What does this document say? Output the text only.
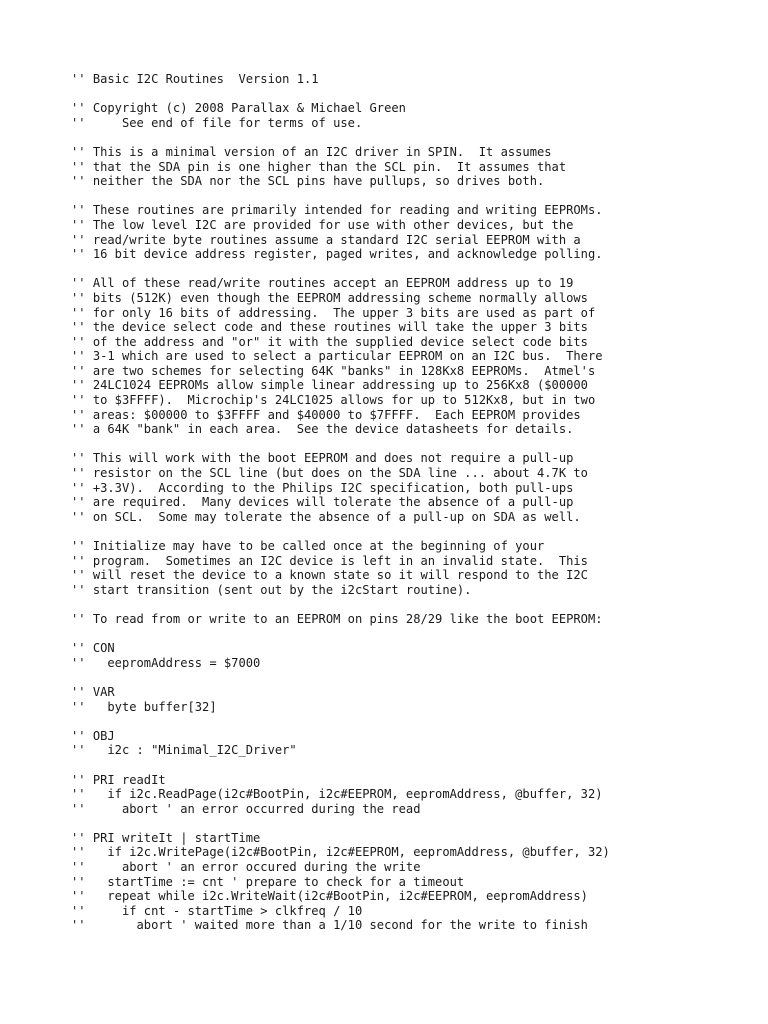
'' Basic I2C Routines  Version 1.1
'' Copyright (c) 2008 Parallax & Michael Green
''     See end of file for terms of use.
'' This is a minimal version of an I2C driver in SPIN.  It assumes
'' that the SDA pin is one higher than the SCL pin.  It assumes that
'' neither the SDA nor the SCL pins have pullups, so drives both.
'' These routines are primarily intended for reading and writing EEPROMs.
'' The low level I2C are provided for use with other devices, but the
'' read/write byte routines assume a standard I2C serial EEPROM with a
'' 16 bit device address register, paged writes, and acknowledge polling.
'' All of these read/write routines accept an EEPROM address up to 19
'' bits (512K) even though the EEPROM addressing scheme normally allows
'' for only 16 bits of addressing.  The upper 3 bits are used as part of
'' the device select code and these routines will take the upper 3 bits
'' of the address and "or" it with the supplied device select code bits
'' 3-1 which are used to select a particular EEPROM on an I2C bus.  There
'' are two schemes for selecting 64K "banks" in 128Kx8 EEPROMs.  Atmel's
'' 24LC1024 EEPROMs allow simple linear addressing up to 256Kx8 ($00000
'' to $3FFFF).  Microchip's 24LC1025 allows for up to 512Kx8, but in two
'' areas: $00000 to $3FFFF and $40000 to $7FFFF.  Each EEPROM provides
'' a 64K "bank" in each area.  See the device datasheets for details.
'' This will work with the boot EEPROM and does not require a pull-up
'' resistor on the SCL line (but does on the SDA line ... about 4.7K to
'' +3.3V).  According to the Philips I2C specification, both pull-ups
'' are required.  Many devices will tolerate the absence of a pull-up
'' on SCL.  Some may tolerate the absence of a pull-up on SDA as well.
'' Initialize may have to be called once at the beginning of your
'' program.  Sometimes an I2C device is left in an invalid state.  This
'' will reset the device to a known state so it will respond to the I2C
'' start transition (sent out by the i2cStart routine).
'' To read from or write to an EEPROM on pins 28/29 like the boot EEPROM:
'' CON
''   eepromAddress = $7000
'' VAR
''   byte buffer[32]
'' OBJ
''   i2c : "Minimal_I2C_Driver"
'' PRI readIt
''   if i2c.ReadPage(i2c#BootPin, i2c#EEPROM, eepromAddress, @buffer, 32)
''     abort ' an error occurred during the read
'' PRI writeIt | startTime
''   if i2c.WritePage(i2c#BootPin, i2c#EEPROM, eepromAddress, @buffer, 32)
''     abort ' an error occured during the write
''   startTime := cnt ' prepare to check for a timeout
''   repeat while i2c.WriteWait(i2c#BootPin, i2c#EEPROM, eepromAddress)
''     if cnt - startTime > clkfreq / 10
''       abort ' waited more than a 1/10 second for the write to finish
